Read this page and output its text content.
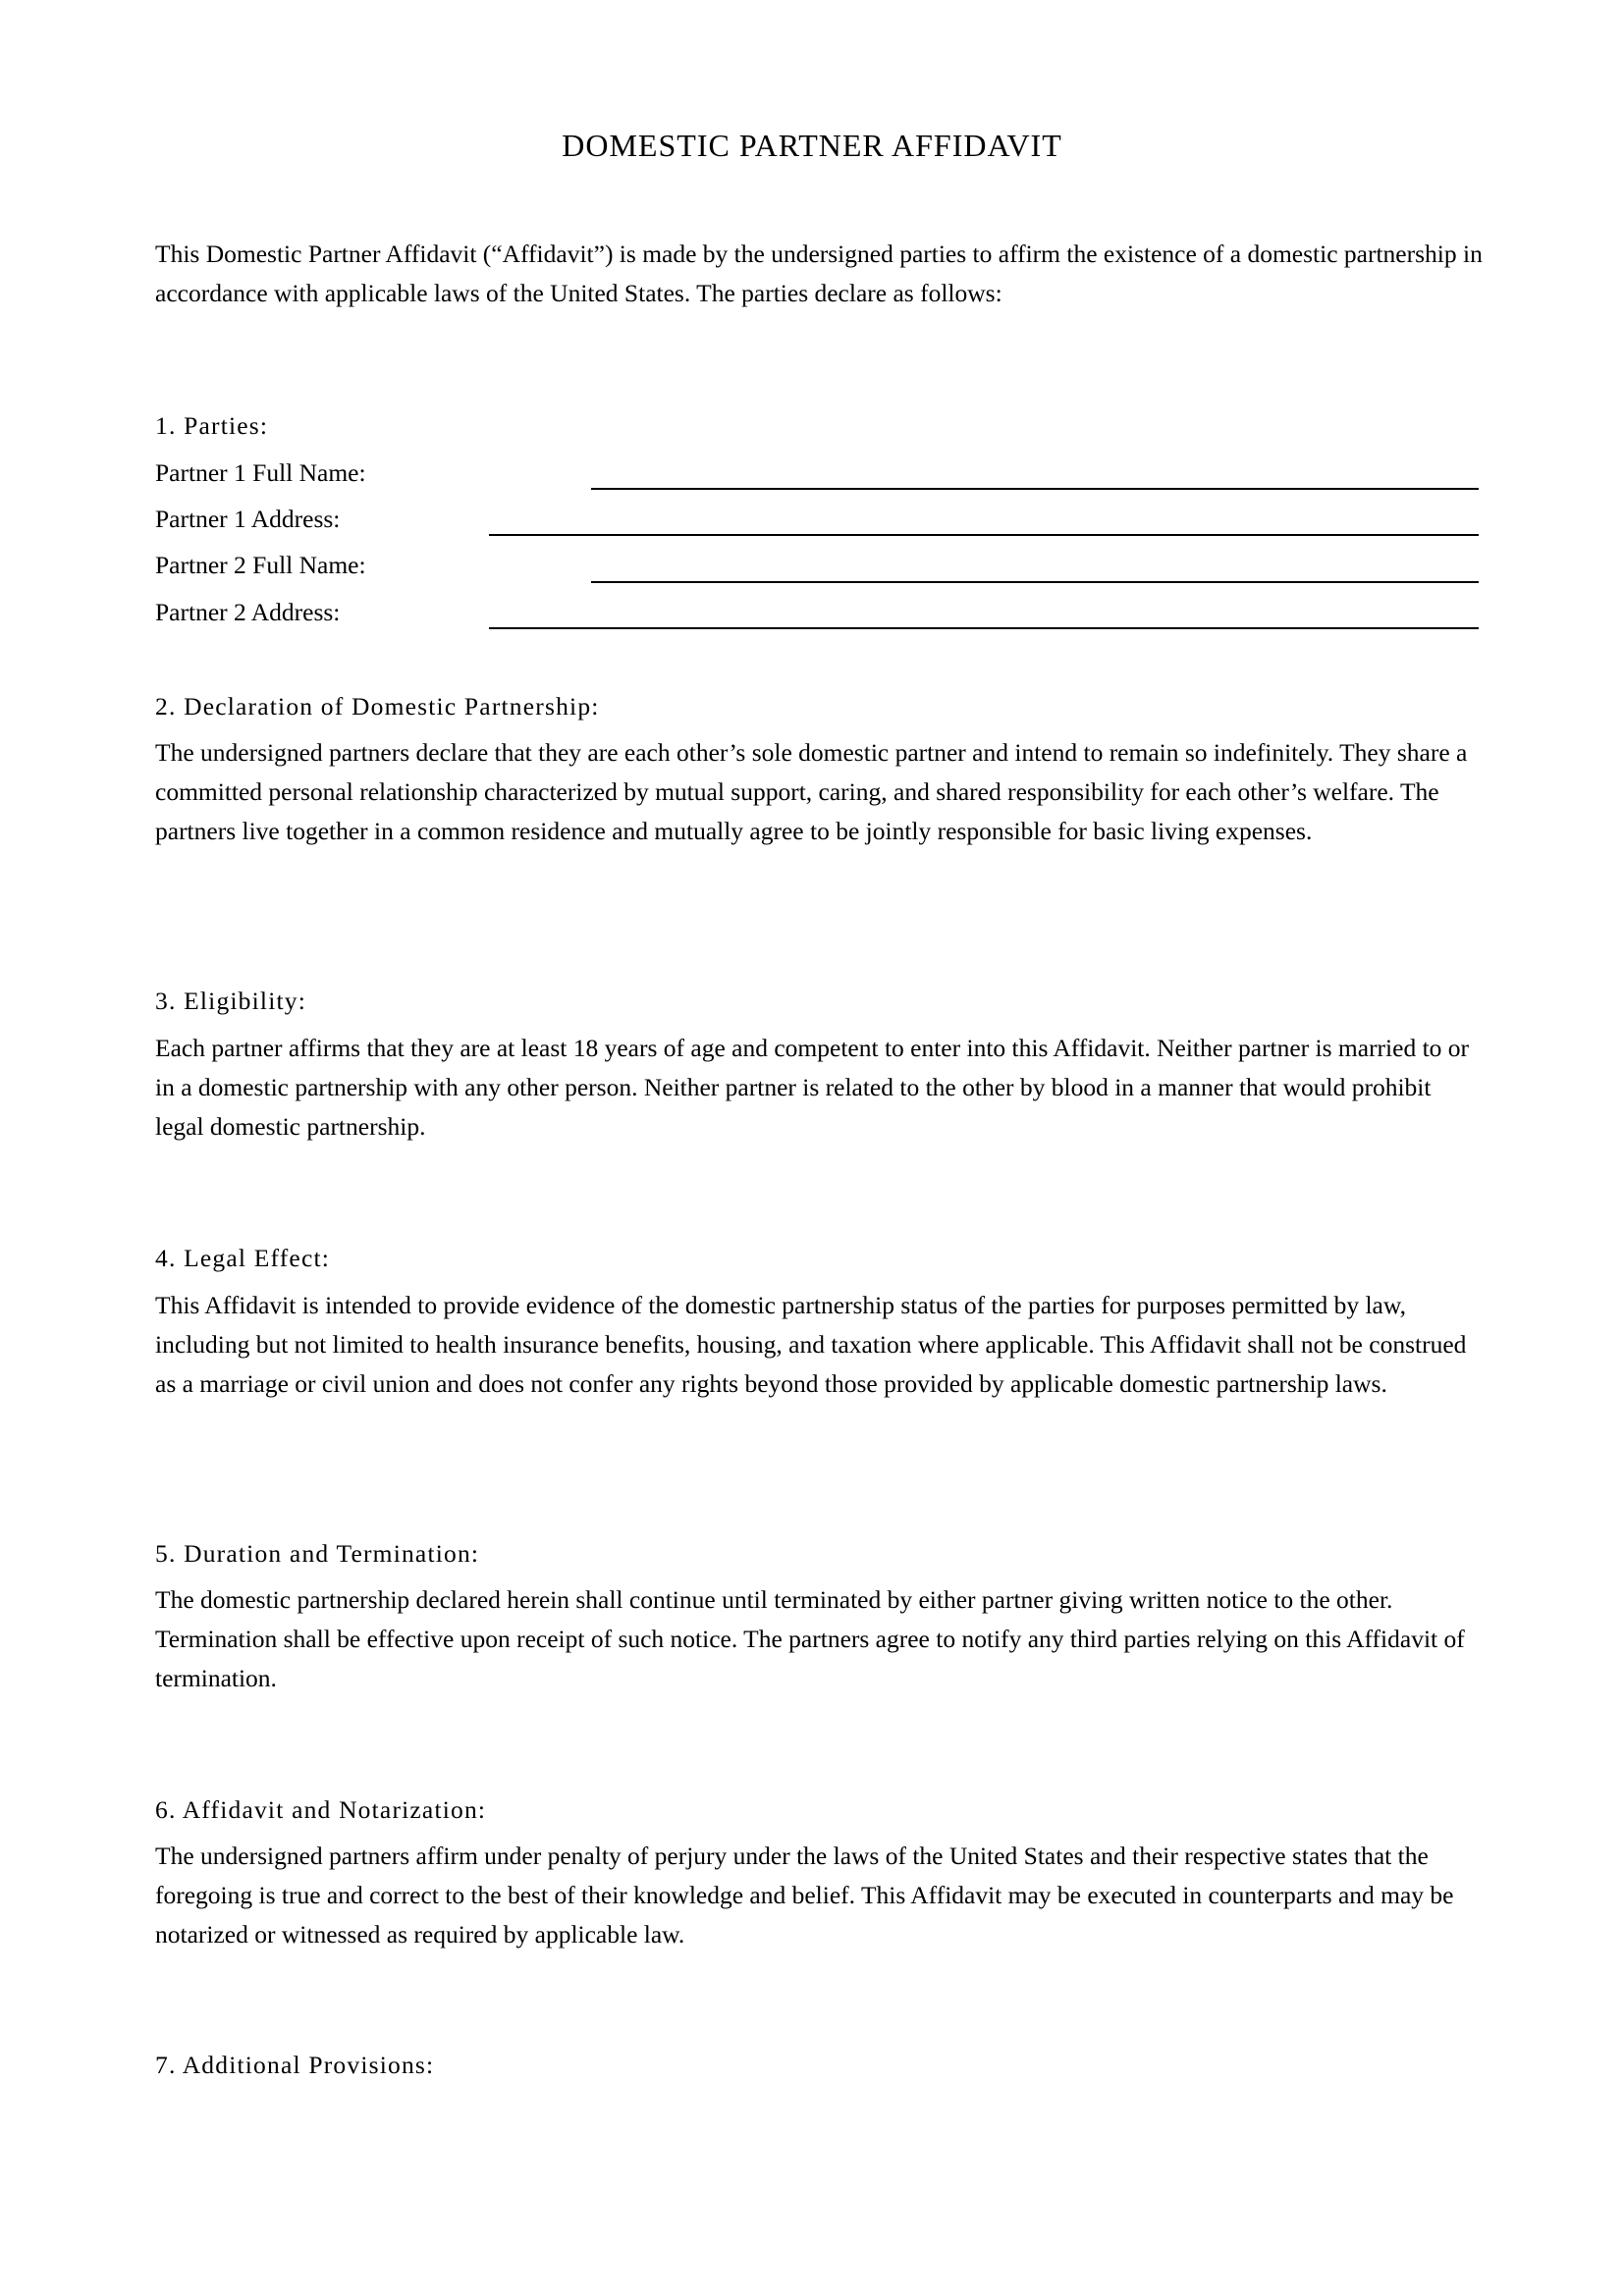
DOMESTIC PARTNER AFFIDAVIT
This Domestic Partner Affidavit (“Affidavit”) is made by the undersigned parties to affirm the existence of a domestic partnership in accordance with applicable laws of the United States. The parties declare as follows:
1. Parties:
Partner 1 Full Name:
Partner 1 Address:
Partner 2 Full Name:
Partner 2 Address:
2. Declaration of Domestic Partnership:
The undersigned partners declare that they are each other’s sole domestic partner and intend to remain so indefinitely. They share a committed personal relationship characterized by mutual support, caring, and shared responsibility for each other’s welfare. The partners live together in a common residence and mutually agree to be jointly responsible for basic living expenses.
3. Eligibility:
Each partner affirms that they are at least 18 years of age and competent to enter into this Affidavit. Neither partner is married to or in a domestic partnership with any other person. Neither partner is related to the other by blood in a manner that would prohibit legal domestic partnership.
4. Legal Effect:
This Affidavit is intended to provide evidence of the domestic partnership status of the parties for purposes permitted by law, including but not limited to health insurance benefits, housing, and taxation where applicable. This Affidavit shall not be construed as a marriage or civil union and does not confer any rights beyond those provided by applicable domestic partnership laws.
5. Duration and Termination:
The domestic partnership declared herein shall continue until terminated by either partner giving written notice to the other. Termination shall be effective upon receipt of such notice. The partners agree to notify any third parties relying on this Affidavit of termination.
6. Affidavit and Notarization:
The undersigned partners affirm under penalty of perjury under the laws of the United States and their respective states that the foregoing is true and correct to the best of their knowledge and belief. This Affidavit may be executed in counterparts and may be notarized or witnessed as required by applicable law.
7. Additional Provisions:
